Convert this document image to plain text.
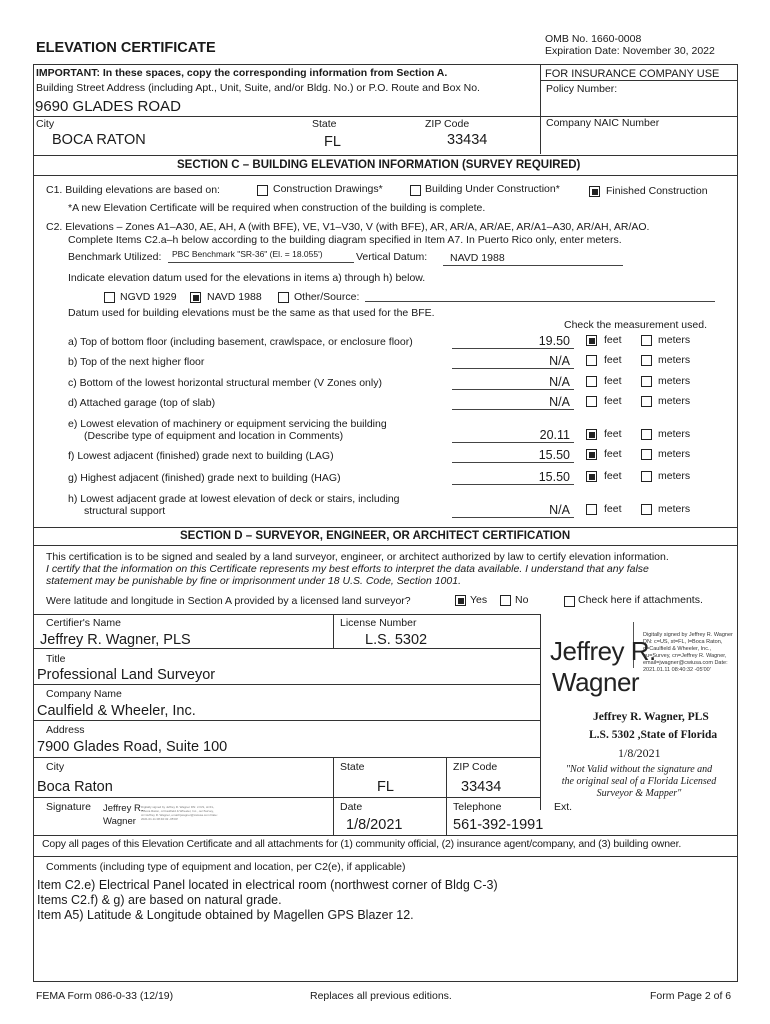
ELEVATION CERTIFICATE
OMB No. 1660-0008
Expiration Date: November 30, 2022
IMPORTANT: In these spaces, copy the corresponding information from Section A.	FOR INSURANCE COMPANY USE
Building Street Address (including Apt., Unit, Suite, and/or Bldg. No.) or P.O. Route and Box No.	Policy Number:
9690 GLADES ROAD
City	State	ZIP Code	Company NAIC Number
BOCA RATON	FL	33434
SECTION C – BUILDING ELEVATION INFORMATION (SURVEY REQUIRED)
C1. Building elevations are based on:	Construction Drawings*	Building Under Construction*	Finished Construction
*A new Elevation Certificate will be required when construction of the building is complete.
C2. Elevations – Zones A1–A30, AE, AH, A (with BFE), VE, V1–V30, V (with BFE), AR, AR/A, AR/AE, AR/A1–A30, AR/AH, AR/AO.
Complete Items C2.a–h below according to the building diagram specified in Item A7. In Puerto Rico only, enter meters.
Benchmark Utilized: PBC Benchmark "SR-36" (El. = 18.055')	Vertical Datum: NAVD 1988
Indicate elevation datum used for the elevations in items a) through h) below.
NGVD 1929	NAVD 1988	Other/Source:
Datum used for building elevations must be the same as that used for the BFE.
Check the measurement used.
a) Top of bottom floor (including basement, crawlspace, or enclosure floor)	19.50	feet	meters
b) Top of the next higher floor	N/A	feet	meters
c) Bottom of the lowest horizontal structural member (V Zones only)	N/A	feet	meters
d) Attached garage (top of slab)	N/A	feet	meters
e) Lowest elevation of machinery or equipment servicing the building
(Describe type of equipment and location in Comments)	20.11	feet	meters
f) Lowest adjacent (finished) grade next to building (LAG)	15.50	feet	meters
g) Highest adjacent (finished) grade next to building (HAG)	15.50	feet	meters
h) Lowest adjacent grade at lowest elevation of deck or stairs, including
structural support	N/A	feet	meters
SECTION D – SURVEYOR, ENGINEER, OR ARCHITECT CERTIFICATION
This certification is to be signed and sealed by a land surveyor, engineer, or architect authorized by law to certify elevation information.
I certify that the information on this Certificate represents my best efforts to interpret the data available. I understand that any false
statement may be punishable by fine or imprisonment under 18 U.S. Code, Section 1001.
Were latitude and longitude in Section A provided by a licensed land surveyor?	Yes	No	Check here if attachments.
Certifier's Name	License Number
Jeffrey R. Wagner, PLS	L.S. 5302
Title
Professional Land Surveyor
Company Name
Caulfield & Wheeler, Inc.
Address
7900 Glades Road, Suite 100
City	State	ZIP Code
Boca Raton	FL	33434
Signature	Date	Telephone	Ext.
Jeffrey R.
Wagner
Digitally signed by Jeffrey R. Wagner DN: c=US, st=FL, l=Boca Raton, o=Caulfield & Wheeler, Inc., ou=Survey, cn=Jeffrey R. Wagner, email=jwagner@cwiusa.com Date: 2021.01.11 08:40:32 -05'00'	1/8/2021	561-392-1991
Jeffrey R.
Wagner
Digitally signed by Jeffrey R. Wagner DN: c=US, st=FL, l=Boca Raton, o=Caulfield & Wheeler, Inc., ou=Survey, cn=Jeffrey R. Wagner, email=jwagner@cwiusa.com Date: 2021.01.11 08:40:32 -05'00'
Jeffrey R. Wagner, PLS
L.S. 5302 ,State of Florida
1/8/2021
"Not Valid without the signature and
the original seal of a Florida Licensed
Surveyor & Mapper"
Copy all pages of this Elevation Certificate and all attachments for (1) community official, (2) insurance agent/company, and (3) building owner.
Comments (including type of equipment and location, per C2(e), if applicable)
Item C2.e) Electrical Panel located in electrical room (northwest corner of Bldg C-3)
Items C2.f) & g) are based on natural grade.
Item A5) Latitude & Longitude obtained by Magellen GPS Blazer 12.
FEMA Form 086-0-33 (12/19)	Replaces all previous editions.	Form Page 2 of 6
